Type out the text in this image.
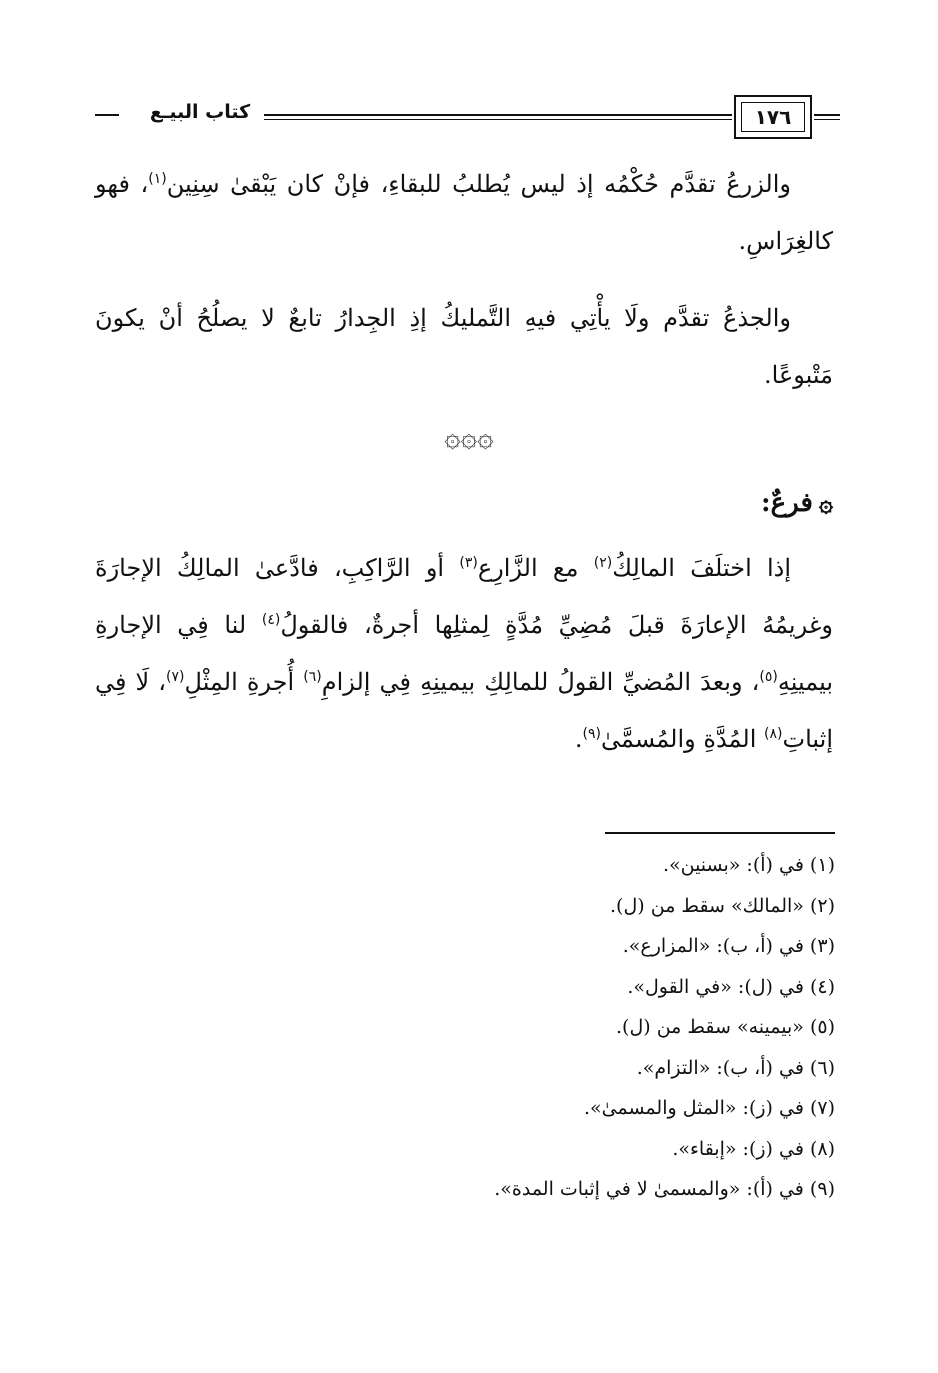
١٧٦
كتاب البيـع
والزرعُ تقدَّم حُكْمُه إذ ليس يُطلبُ للبقاءِ، فإنْ كان يَبْقىٰ سِنِين$^{(١)}$، فهو كالغِرَاسِ.
والجذعُ تقدَّم ولَا يأْتِي فيهِ التَّمليكُ إذِ الجِدارُ تابعٌ لا يصلُحُ أنْ يكونَ مَتْبوعًا.
۞۞۞
۞فرعٌ:
إذا اختلَفَ المالِكُ$^{(٢)}$ مع الزَّارِع$^{(٣)}$ أو الرَّاكِبِ، فادَّعىٰ المالِكُ الإجارَةَ وغريمُهُ الإعارَةَ قبلَ مُضِيِّ مُدَّةٍ لِمثلِها أجرةٌ، فالقولُ$^{(٤)}$ لنا فِي الإجارةِ بيمينِهِ$^{(٥)}$، وبعدَ المُضيِّ القولُ للمالِكِ بيمينِهِ فِي إلزامِ$^{(٦)}$ أُجرةِ المِثْلِ$^{(٧)}$، لَا فِي إثباتِ$^{(٨)}$ المُدَّةِ والمُسمَّىٰ$^{(٩)}$.
(١) في (أ): «بسنين».
(٢) «المالك» سقط من (ل).
(٣) في (أ، ب): «المزارع».
(٤) في (ل): «في القول».
(٥) «بيمينه» سقط من (ل).
(٦) في (أ، ب): «التزام».
(٧) في (ز): «المثل والمسمىٰ».
(٨) في (ز): «إبقاء».
(٩) في (أ): «والمسمىٰ لا في إثبات المدة».
